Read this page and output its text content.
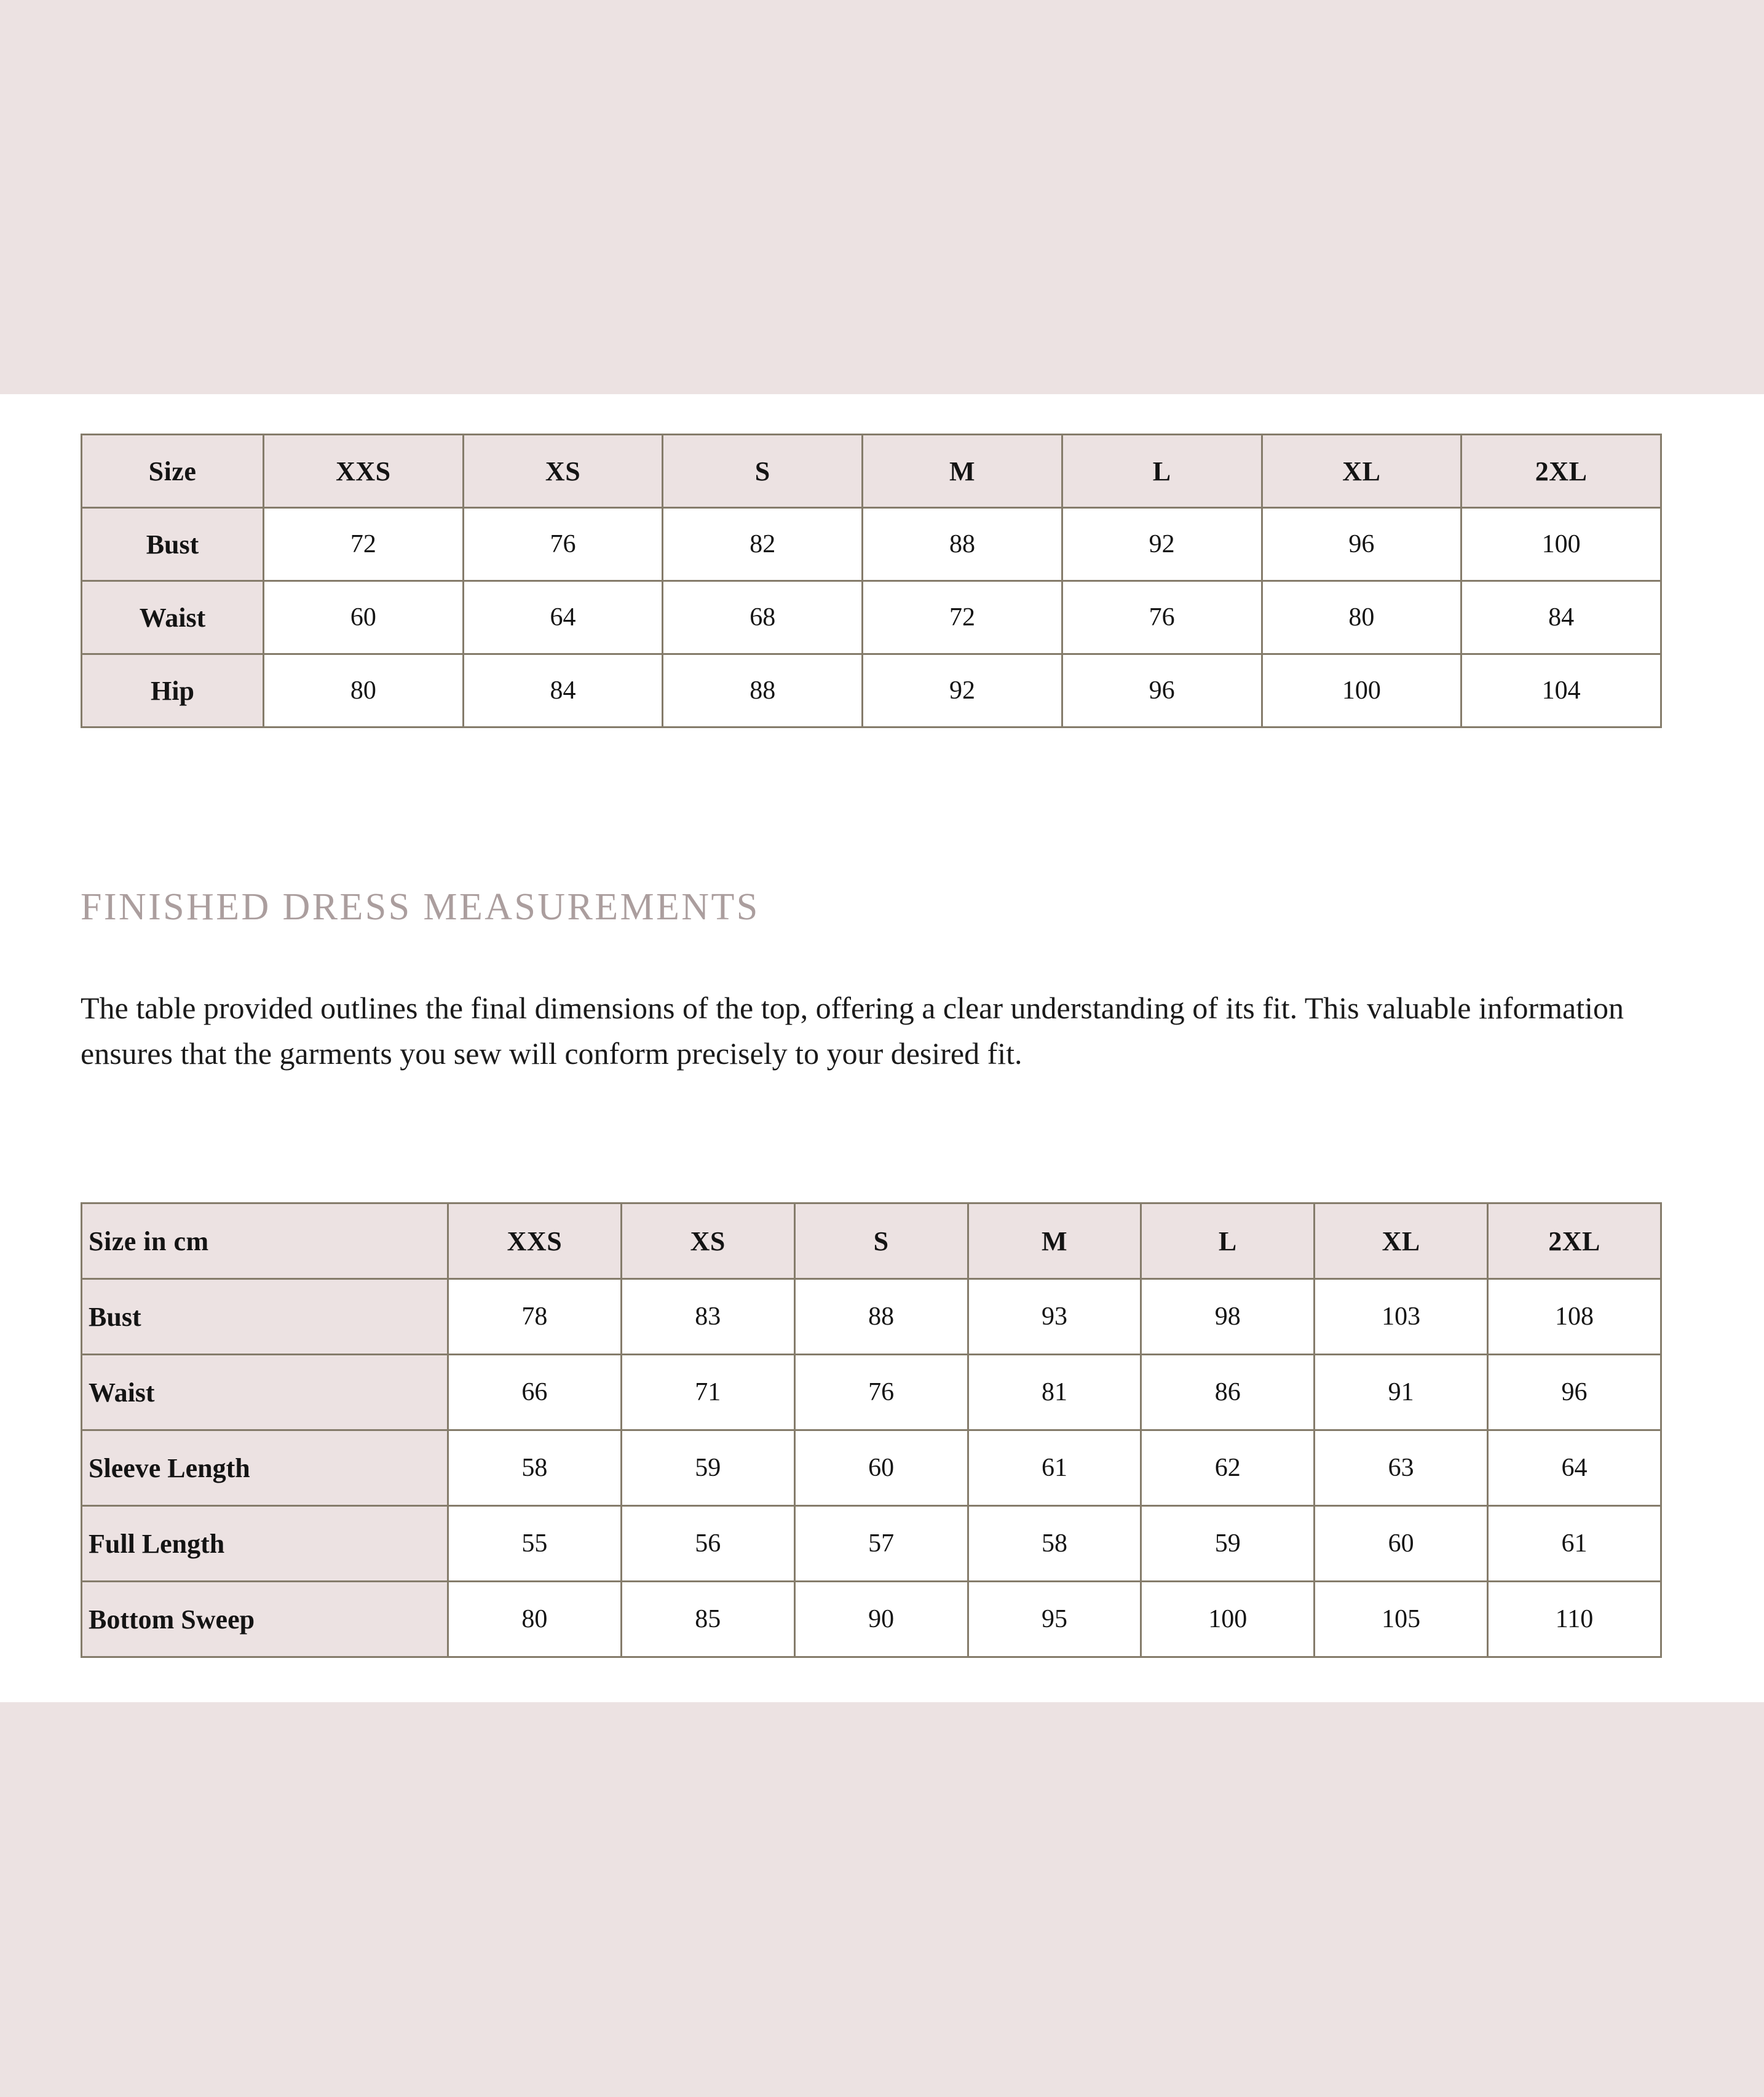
Size	XXS	XS	S	M	L	XL	2XL
Bust	72	76	82	88	92	96	100
Waist	60	64	68	72	76	80	84
Hip	80	84	88	92	96	100	104
FINISHED DRESS MEASUREMENTS

The table provided outlines the final dimensions of the top, offering a clear understanding of its fit. This valuable information ensures that the garments you sew will conform precisely to your desired fit.

Size in cm	XXS	XS	S	M	L	XL	2XL
Bust	78	83	88	93	98	103	108
Waist	66	71	76	81	86	91	96
Sleeve Length	58	59	60	61	62	63	64
Full Length	55	56	57	58	59	60	61
Bottom Sweep	80	85	90	95	100	105	110
